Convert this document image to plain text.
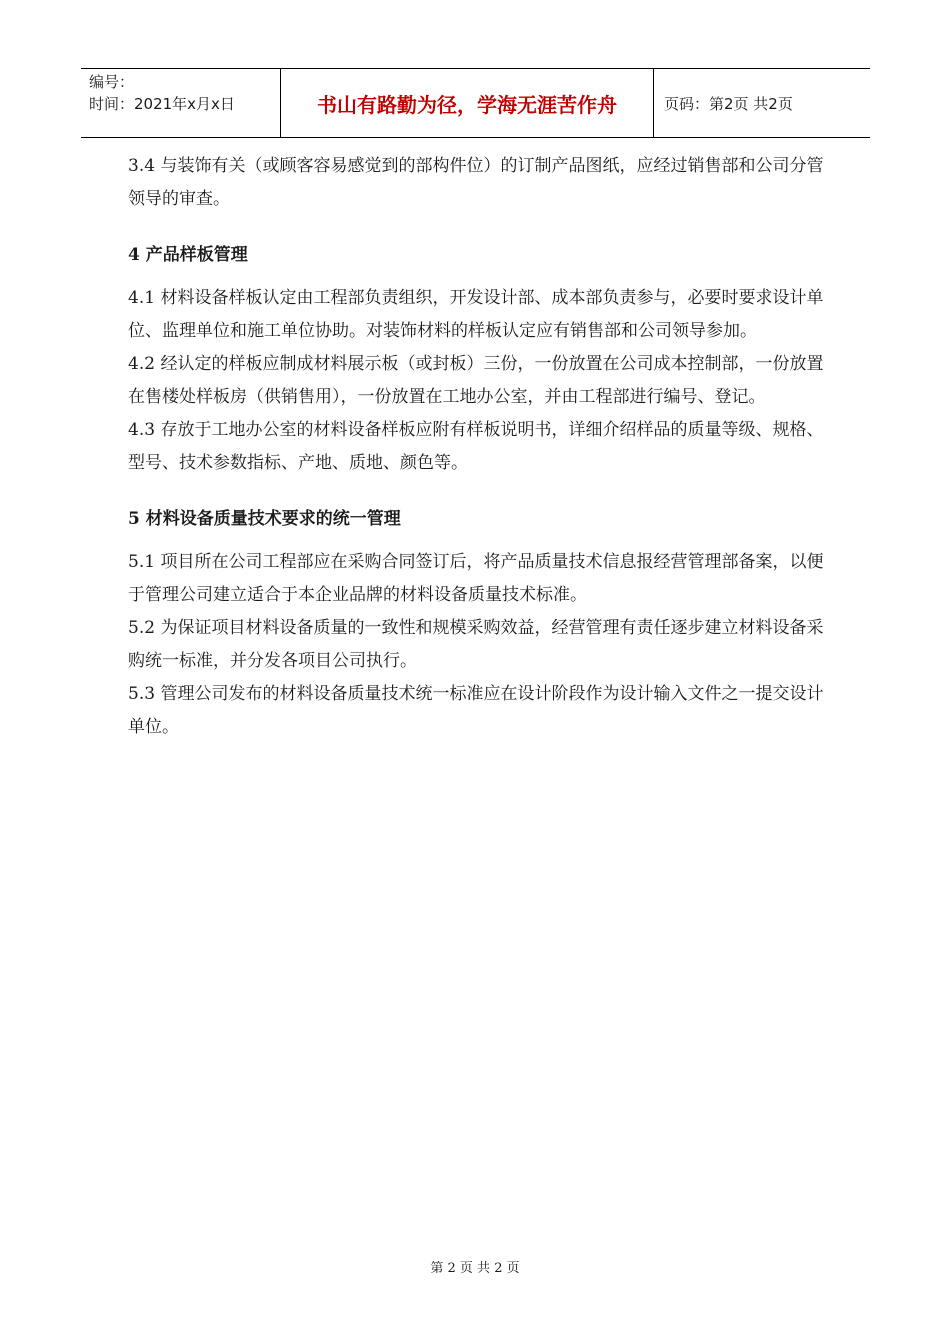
编号：
时间：2021年x月x日	书山有路勤为径，学海无涯苦作舟	页码：第2页 共2页

3.4 与装饰有关（或顾客容易感觉到的部构件位）的订制产品图纸，应经过销售部和公司分管领导的审查。

4 产品样板管理

4.1 材料设备样板认定由工程部负责组织，开发设计部、成本部负责参与，必要时要求设计单位、监理单位和施工单位协助。对装饰材料的样板认定应有销售部和公司领导参加。

4.2 经认定的样板应制成材料展示板（或封板）三份，一份放置在公司成本控制部，一份放置在售楼处样板房（供销售用），一份放置在工地办公室，并由工程部进行编号、登记。

4.3 存放于工地办公室的材料设备样板应附有样板说明书，详细介绍样品的质量等级、规格、型号、技术参数指标、产地、质地、颜色等。

5 材料设备质量技术要求的统一管理

5.1 项目所在公司工程部应在采购合同签订后，将产品质量技术信息报经营管理部备案，以便于管理公司建立适合于本企业品牌的材料设备质量技术标准。

5.2 为保证项目材料设备质量的一致性和规模采购效益，经营管理有责任逐步建立材料设备采购统一标准，并分发各项目公司执行。

5.3 管理公司发布的材料设备质量技术统一标准应在设计阶段作为设计输入文件之一提交设计单位。

第 2 页 共 2 页
